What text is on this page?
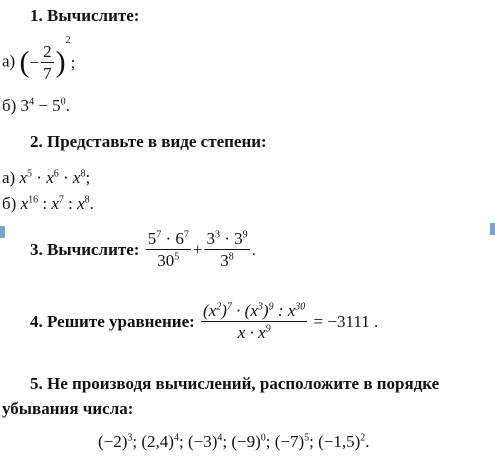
1. Вычислите:
а) (− $\frac{2}{7} )^2$;
б) $3^4 - 5^0$.
2. Представьте в виде степени:
а) $x^5 \cdot x^6 \cdot x^8$;
б) $x^{16}$ : $x^7$ : $x^8$.
3. Вычислите: $\frac{5^7 \cdot 6^7}{30^5} + \frac{3^3 \cdot 3^9}{3^8}$ .
4. Решите уравнение: $\frac{(x^2)^7 \cdot (x^3)^9 : x^{30}}{x \cdot x^9} = -3111$ .
5. Не производя вычислений, расположите в порядке
убывания числа:
$(-2)^3$; $(2,4)^4$; $(-3)^4$; $(-9)^0$; $(-7)^5$; $(-1,5)^2$.
